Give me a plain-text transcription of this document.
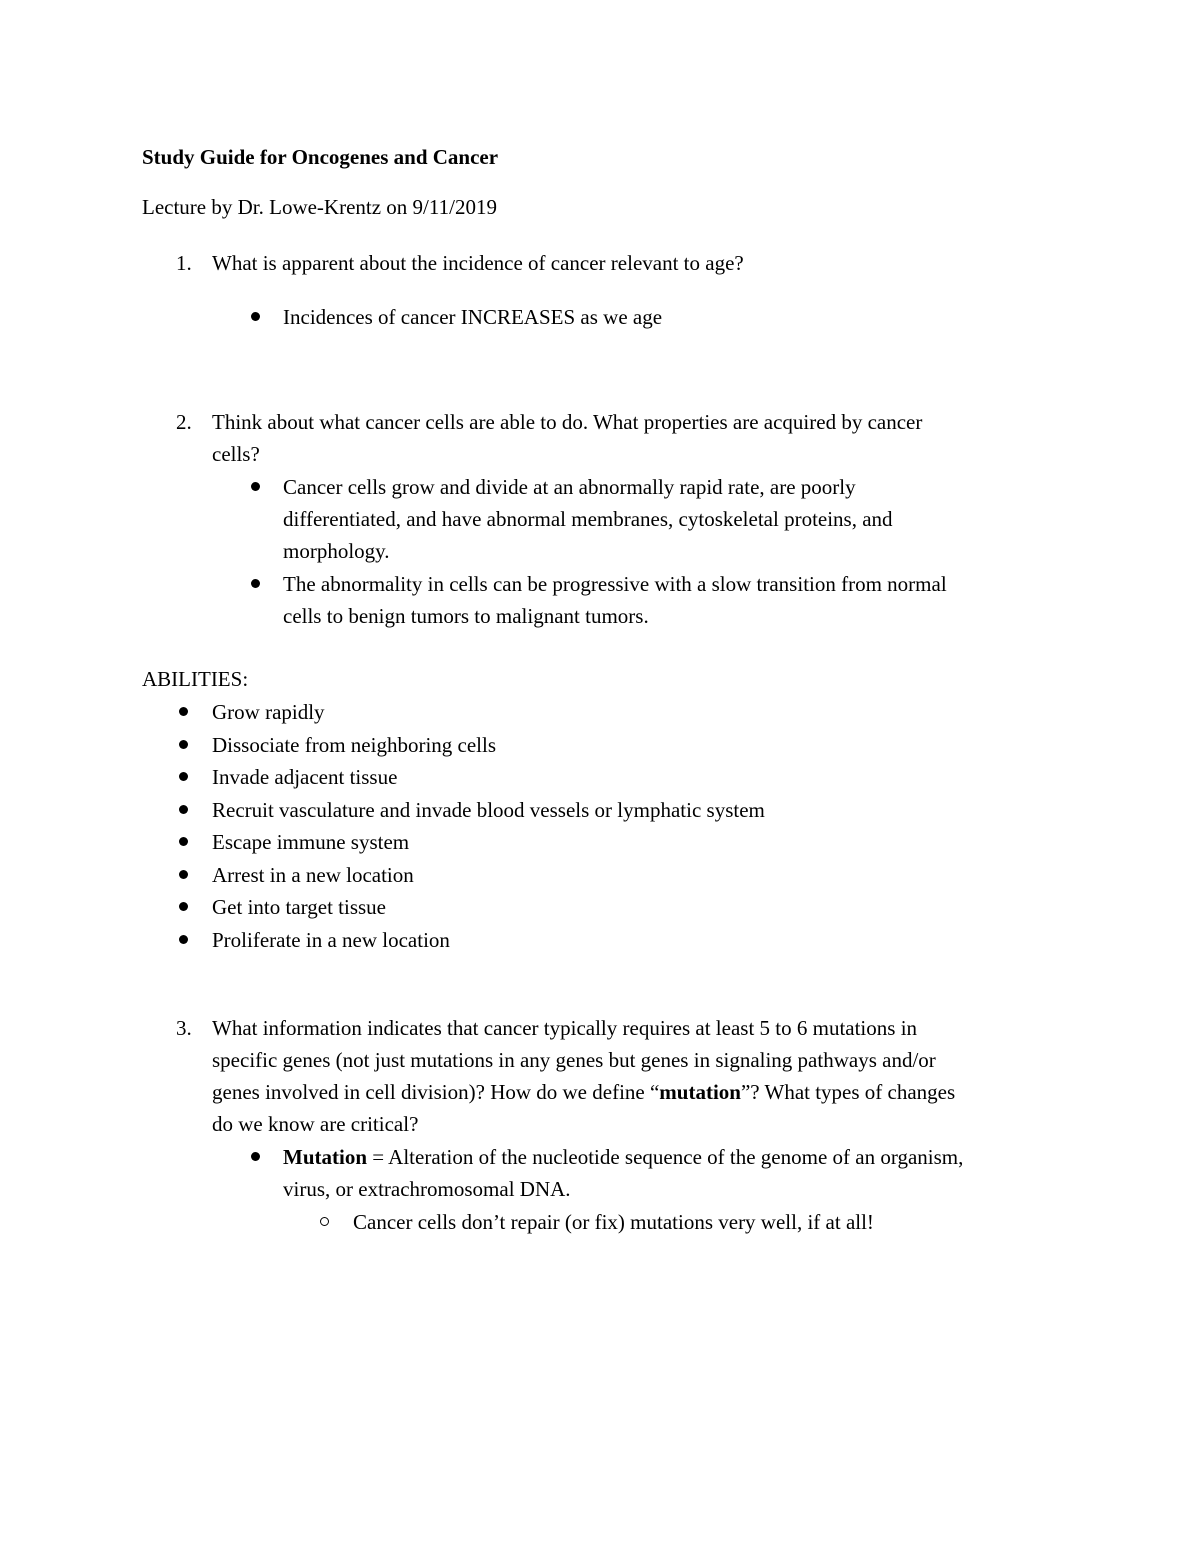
Study Guide for Oncogenes and Cancer
Lecture by Dr. Lowe-Krentz on 9/11/2019
1. What is apparent about the incidence of cancer relevant to age?
Incidences of cancer INCREASES as we age
2. Think about what cancer cells are able to do. What properties are acquired by cancer
cells?
Cancer cells grow and divide at an abnormally rapid rate, are poorly
differentiated, and have abnormal membranes, cytoskeletal proteins, and
morphology.
The abnormality in cells can be progressive with a slow transition from normal
cells to benign tumors to malignant tumors.
ABILITIES:
Grow rapidly
Dissociate from neighboring cells
Invade adjacent tissue
Recruit vasculature and invade blood vessels or lymphatic system
Escape immune system
Arrest in a new location
Get into target tissue
Proliferate in a new location
3. What information indicates that cancer typically requires at least 5 to 6 mutations in
specific genes (not just mutations in any genes but genes in signaling pathways and/or
genes involved in cell division)? How do we define “mutation”? What types of changes
do we know are critical?
Mutation = Alteration of the nucleotide sequence of the genome of an organism,
virus, or extrachromosomal DNA.
Cancer cells don’t repair (or fix) mutations very well, if at all!
